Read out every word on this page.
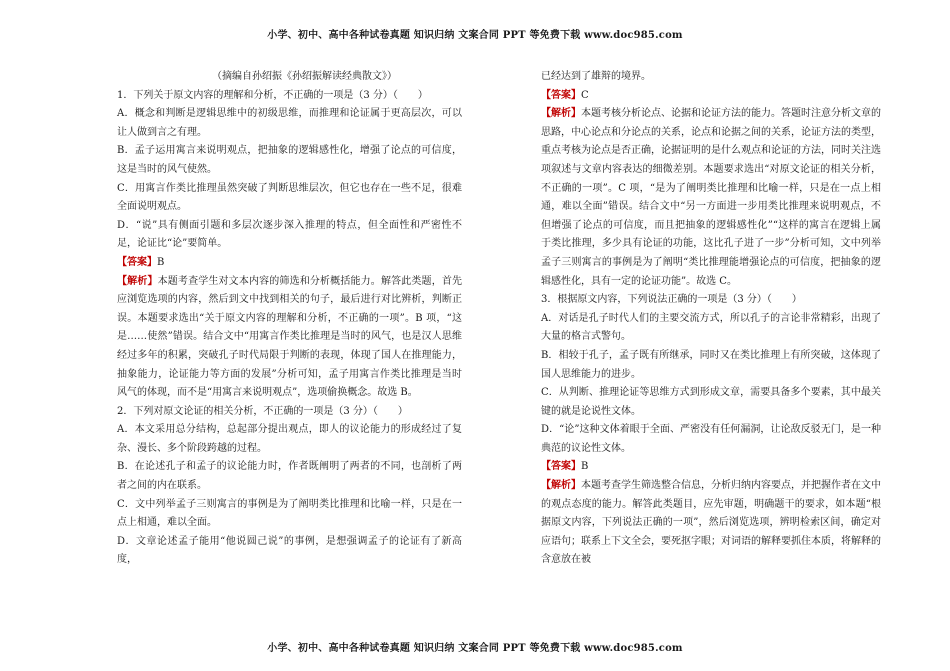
小学、初中、高中各种试卷真题 知识归纳 文案合同 PPT 等免费下载 www.doc985.com

（摘编自孙绍振《孙绍振解读经典散文》）

1．下列关于原文内容的理解和分析，不正确的一项是（3 分）（　　）

A．概念和判断是逻辑思维中的初级思维，而推理和论证属于更高层次，可以让人做到言之有理。

B．孟子运用寓言来说明观点，把抽象的逻辑感性化，增强了论点的可信度，这是当时的风气使然。

C．用寓言作类比推理虽然突破了判断思维层次，但它也存在一些不足，很难全面说明观点。

D．“说”具有侧面引题和多层次逐步深入推理的特点，但全面性和严密性不足，论证比“论”要简单。

【答案】B

【解析】本题考查学生对文本内容的筛选和分析概括能力。解答此类题，首先应浏览选项的内容，然后到文中找到相关的句子，最后进行对比辨析，判断正误。本题要求选出“关于原文内容的理解和分析，不正确的一项”。B 项，“这是……使然”错误。结合文中“用寓言作类比推理是当时的风气，也是汉人思维经过多年的积累，突破孔子时代局限于判断的表现，体现了国人在推理能力，抽象能力，论证能力等方面的发展”分析可知，孟子用寓言作类比推理是当时风气的体现，而不是“用寓言来说明观点”，选项偷换概念。故选 B。

2．下列对原文论证的相关分析，不正确的一项是（3 分）（　　）

A．本文采用总分结构，总起部分提出观点，即人的议论能力的形成经过了复杂、漫长、多个阶段跨越的过程。

B．在论述孔子和孟子的议论能力时，作者既阐明了两者的不同，也剖析了两者之间的内在联系。

C．文中列举孟子三则寓言的事例是为了阐明类比推理和比喻一样，只是在一点上相通，难以全面。

D．文章论述孟子能用“他说圆己说”的事例，是想强调孟子的论证有了新高度，

已经达到了雄辩的境界。

【答案】C

【解析】本题考核分析论点、论据和论证方法的能力。答题时注意分析文章的思路，中心论点和分论点的关系，论点和论据之间的关系，论证方法的类型，重点考核为论点是否正确，论据证明的是什么观点和论证的方法，同时关注选项叙述与文章内容表达的细微差别。本题要求选出“对原文论证的相关分析，不正确的一项”。C 项，“是为了阐明类比推理和比喻一样，只是在一点上相通，难以全面”错误。结合文中“另一方面进一步用类比推理来说明观点，不但增强了论点的可信度，而且把抽象的逻辑感性化”“这样的寓言在逻辑上属于类比推理，多少具有论证的功能，这比孔子进了一步”分析可知，文中列举孟子三则寓言的事例是为了阐明“类比推理能增强论点的可信度，把抽象的逻辑感性化，具有一定的论证功能”。故选 C。

3．根据原文内容，下列说法正确的一项是（3 分）（　　）

A．对话是孔子时代人们的主要交流方式，所以孔子的言论非常精彩，出现了大量的格言式警句。

B．相较于孔子，孟子既有所继承，同时又在类比推理上有所突破，这体现了国人思维能力的进步。

C．从判断、推理论证等思维方式到形成文章，需要具备多个要素，其中最关键的就是论说性文体。

D．“论”这种文体着眼于全面、严密没有任何漏洞，让论敌反驳无门，是一种典范的议论性文体。

【答案】B

【解析】本题考查学生筛选整合信息，分析归纳内容要点，并把握作者在文中的观点态度的能力。解答此类题目，应先审题，明确题干的要求，如本题“根据原文内容，下列说法正确的一项”，然后浏览选项，辨明检索区间，确定对应语句；联系上下文全会，要死抠字眼；对词语的解释要抓住本质，将解释的含意放在被

小学、初中、高中各种试卷真题 知识归纳 文案合同 PPT 等免费下载 www.doc985.com
